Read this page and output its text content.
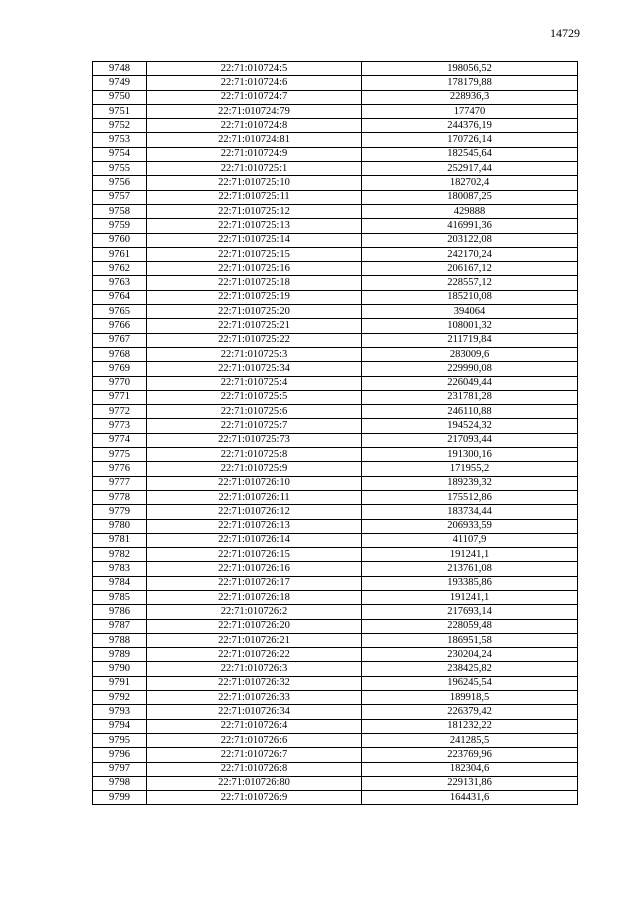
14729
9748	22:71:010724:5	198056,52
9749	22:71:010724:6	178179,88
9750	22:71:010724:7	228936,3
9751	22:71:010724:79	177470
9752	22:71:010724:8	244376,19
9753	22:71:010724:81	170726,14
9754	22:71:010724:9	182545,64
9755	22:71:010725:1	252917,44
9756	22:71:010725:10	182702,4
9757	22:71:010725:11	180087,25
9758	22:71:010725:12	429888
9759	22:71:010725:13	416991,36
9760	22:71:010725:14	203122,08
9761	22:71:010725:15	242170,24
9762	22:71:010725:16	206167,12
9763	22:71:010725:18	228557,12
9764	22:71:010725:19	185210,08
9765	22:71:010725:20	394064
9766	22:71:010725:21	108001,32
9767	22:71:010725:22	211719,84
9768	22:71:010725:3	283009,6
9769	22:71:010725:34	229990,08
9770	22:71:010725:4	226049,44
9771	22:71:010725:5	231781,28
9772	22:71:010725:6	246110,88
9773	22:71:010725:7	194524,32
9774	22:71:010725:73	217093,44
9775	22:71:010725:8	191300,16
9776	22:71:010725:9	171955,2
9777	22:71:010726:10	189239,32
9778	22:71:010726:11	175512,86
9779	22:71:010726:12	183734,44
9780	22:71:010726:13	206933,59
9781	22:71:010726:14	41107,9
9782	22:71:010726:15	191241,1
9783	22:71:010726:16	213761,08
9784	22:71:010726:17	193385,86
9785	22:71:010726:18	191241,1
9786	22:71:010726:2	217693,14
9787	22:71:010726:20	228059,48
9788	22:71:010726:21	186951,58
9789	22:71:010726:22	230204,24
9790	22:71:010726:3	238425,82
9791	22:71:010726:32	196245,54
9792	22:71:010726:33	189918,5
9793	22:71:010726:34	226379,42
9794	22:71:010726:4	181232,22
9795	22:71:010726:6	241285,5
9796	22:71:010726:7	223769,96
9797	22:71:010726:8	182304,6
9798	22:71:010726:80	229131,86
9799	22:71:010726:9	164431,6
